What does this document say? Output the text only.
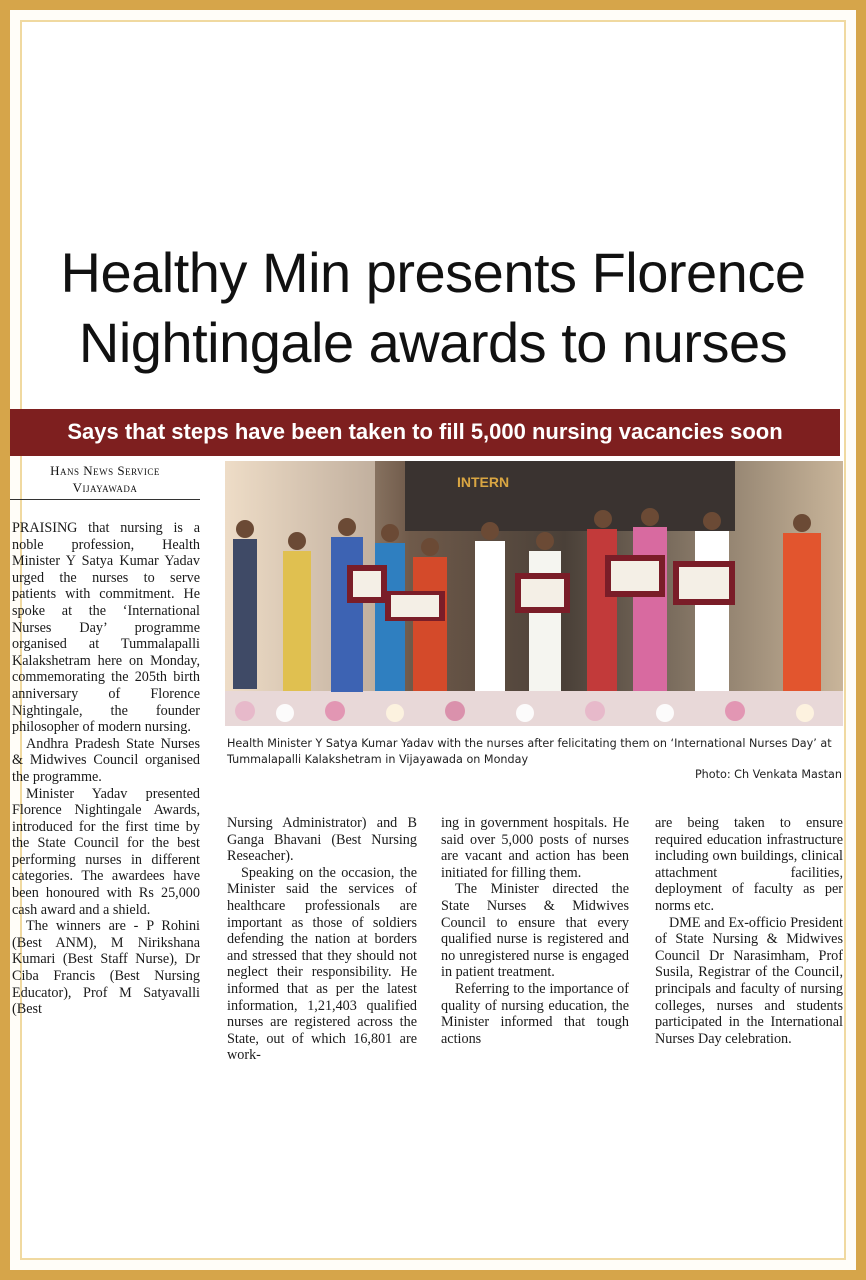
Healthy Min presents Florence
Nightingale awards to nurses
Says that steps have been taken to fill 5,000 nursing vacancies soon
Hans News Service
Vijayawada	INTERN
Health Minister Y Satya Kumar Yadav with the nurses after felicitating them on ‘International Nurses Day’ at Tummalapalli Kalakshetram in Vijayawada on Monday
Photo: Ch Venkata Mastan

PRAISING that nursing is a noble profession, Health Minister Y Satya Kumar Yadav urged the nurses to serve patients with commitment. He spoke at the ‘International Nurses Day’ programme organised at Tummalapalli Kalakshetram here on Monday, commemorating the 205th birth anniversary of Florence Nightingale, the founder philosopher of modern nursing.

Andhra Pradesh State Nurses & Midwives Council organised the programme.

Minister Yadav presented Florence Nightingale Awards, introduced for the first time by the State Council for the best performing nurses in different categories. The awardees have been honoured with Rs 25,000 cash award and a shield.

The winners are - P Rohini (Best ANM), M Nirikshana Kumari (Best Staff Nurse), Dr Ciba Francis (Best Nursing Educator), Prof M Satyavalli (Best

Nursing Administrator) and B Ganga Bhavani (Best Nursing Reseacher).

Speaking on the occasion, the Minister said the services of healthcare professionals are important as those of soldiers defending the nation at borders and stressed that they should not neglect their responsibility. He informed that as per the latest information, 1,21,403 qualified nurses are registered across the State, out of which 16,801 are work-

ing in government hospitals. He said over 5,000 posts of nurses are vacant and action has been initiated for filling them.

The Minister directed the State Nurses & Midwives Council to ensure that every qualified nurse is registered and no unregistered nurse is engaged in patient treatment.

Referring to the importance of quality of nursing education, the Minister informed that tough actions

are being taken to ensure required education infrastructure including own buildings, clinical attachment facilities, deployment of faculty as per norms etc.

DME and Ex-officio President of State Nursing & Midwives Council Dr Narasimham, Prof Susila, Registrar of the Council, principals and faculty of nursing colleges, nurses and students participated in the International Nurses Day celebration.
